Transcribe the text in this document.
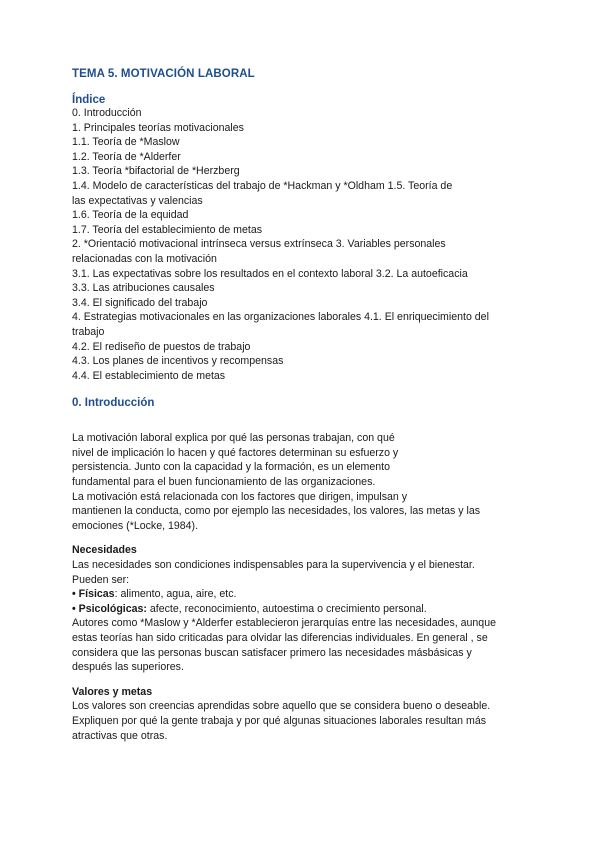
TEMA 5. MOTIVACIÓN LABORAL

Índice

0. Introducción

1. Principales teorías motivacionales

1.1. Teoría de *Maslow

1.2. Teoría de *Alderfer

1.3. Teoría *bifactorial de *Herzberg

1.4. Modelo de características del trabajo de *Hackman y *Oldham 1.5. Teoría de

las expectativas y valencias

1.6. Teoría de la equidad

1.7. Teoría del establecimiento de metas

2. *Orientació motivacional intrínseca versus extrínseca 3. Variables personales

relacionadas con la motivación

3.1. Las expectativas sobre los resultados en el contexto laboral 3.2. La autoeficacia

3.3. Las atribuciones causales

3.4. El significado del trabajo

4. Estrategias motivacionales en las organizaciones laborales 4.1. El enriquecimiento del

trabajo

4.2. El rediseño de puestos de trabajo

4.3. Los planes de incentivos y recompensas

4.4. El establecimiento de metas

0. Introducción

La motivación laboral explica por qué las personas trabajan, con qué

nivel de implicación lo hacen y qué factores determinan su esfuerzo y

persistencia. Junto con la capacidad y la formación, es un elemento

fundamental para el buen funcionamiento de las organizaciones.

La motivación está relacionada con los factores que dirigen, impulsan y

mantienen la conducta, como por ejemplo las necesidades, los valores, las metas y las

emociones (*Locke, 1984).

Necesidades

Las necesidades son condiciones indispensables para la supervivencia y el bienestar.

Pueden ser:

• Físicas: alimento, agua, aire, etc.

• Psicológicas: afecte, reconocimiento, autoestima o crecimiento personal.

Autores como *Maslow y *Alderfer establecieron jerarquías entre las necesidades, aunque

estas teorías han sido criticadas para olvidar las diferencias individuales. En general , se

considera que las personas buscan satisfacer primero las necesidades másbásicas y

después las superiores.

Valores y metas

Los valores son creencias aprendidas sobre aquello que se considera bueno o deseable.

Expliquen por qué la gente trabaja y por qué algunas situaciones laborales resultan más

atractivas que otras.
